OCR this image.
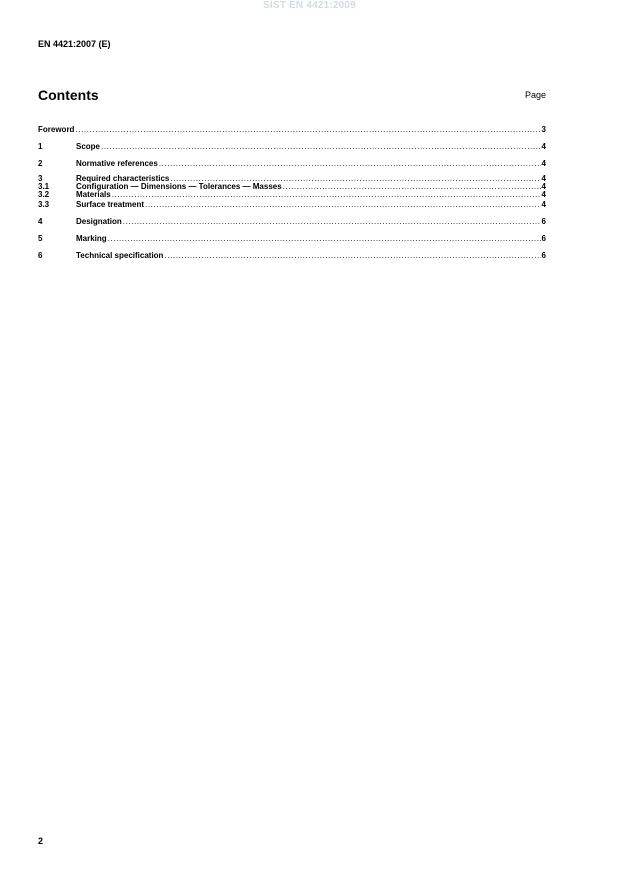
SIST EN 4421:2009
EN 4421:2007 (E)
Contents	Page
Foreword .....	3
1	Scope .....	4
2	Normative references .....	4
3	Required characteristics .....	4
3.1	Configuration — Dimensions — Tolerances — Masses .....	4
3.2	Materials .....	4
3.3	Surface treatment .....	4
4	Designation .....	6
5	Marking .....	6
6	Technical specification .....	6
2
